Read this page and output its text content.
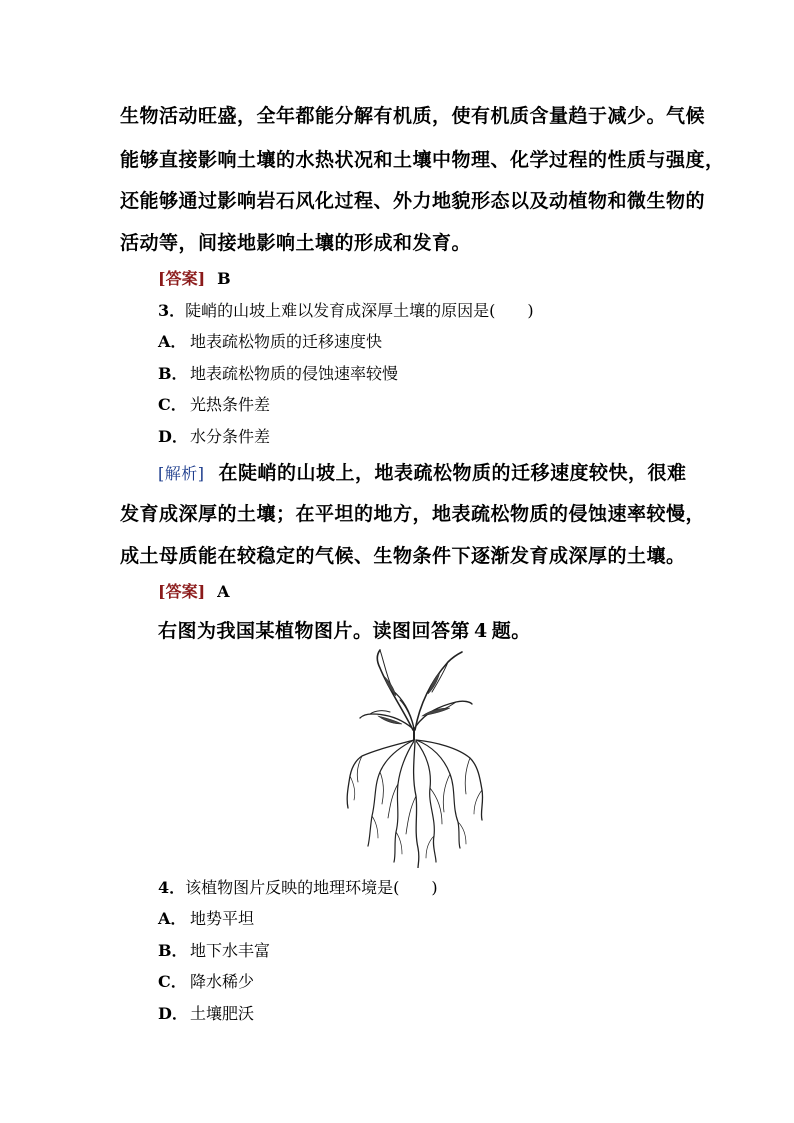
生物活动旺盛，全年都能分解有机质，使有机质含量趋于减少。气候
能够直接影响土壤的水热状况和土壤中物理、化学过程的性质与强度，
还能够通过影响岩石风化过程、外力地貌形态以及动植物和微生物的
活动等，间接地影响土壤的形成和发育。
[答案] B
3．陡峭的山坡上难以发育成深厚土壤的原因是(　　)
A． 地表疏松物质的迁移速度快
B． 地表疏松物质的侵蚀速率较慢
C． 光热条件差
D． 水分条件差
[解析] 在陡峭的山坡上，地表疏松物质的迁移速度较快，很难
发育成深厚的土壤；在平坦的地方，地表疏松物质的侵蚀速率较慢，
成土母质能在较稳定的气候、生物条件下逐渐发育成深厚的土壤。
[答案] A
右图为我国某植物图片。读图回答第 4 题。
4．该植物图片反映的地理环境是(　　)
A． 地势平坦
B． 地下水丰富
C． 降水稀少
D． 土壤肥沃
